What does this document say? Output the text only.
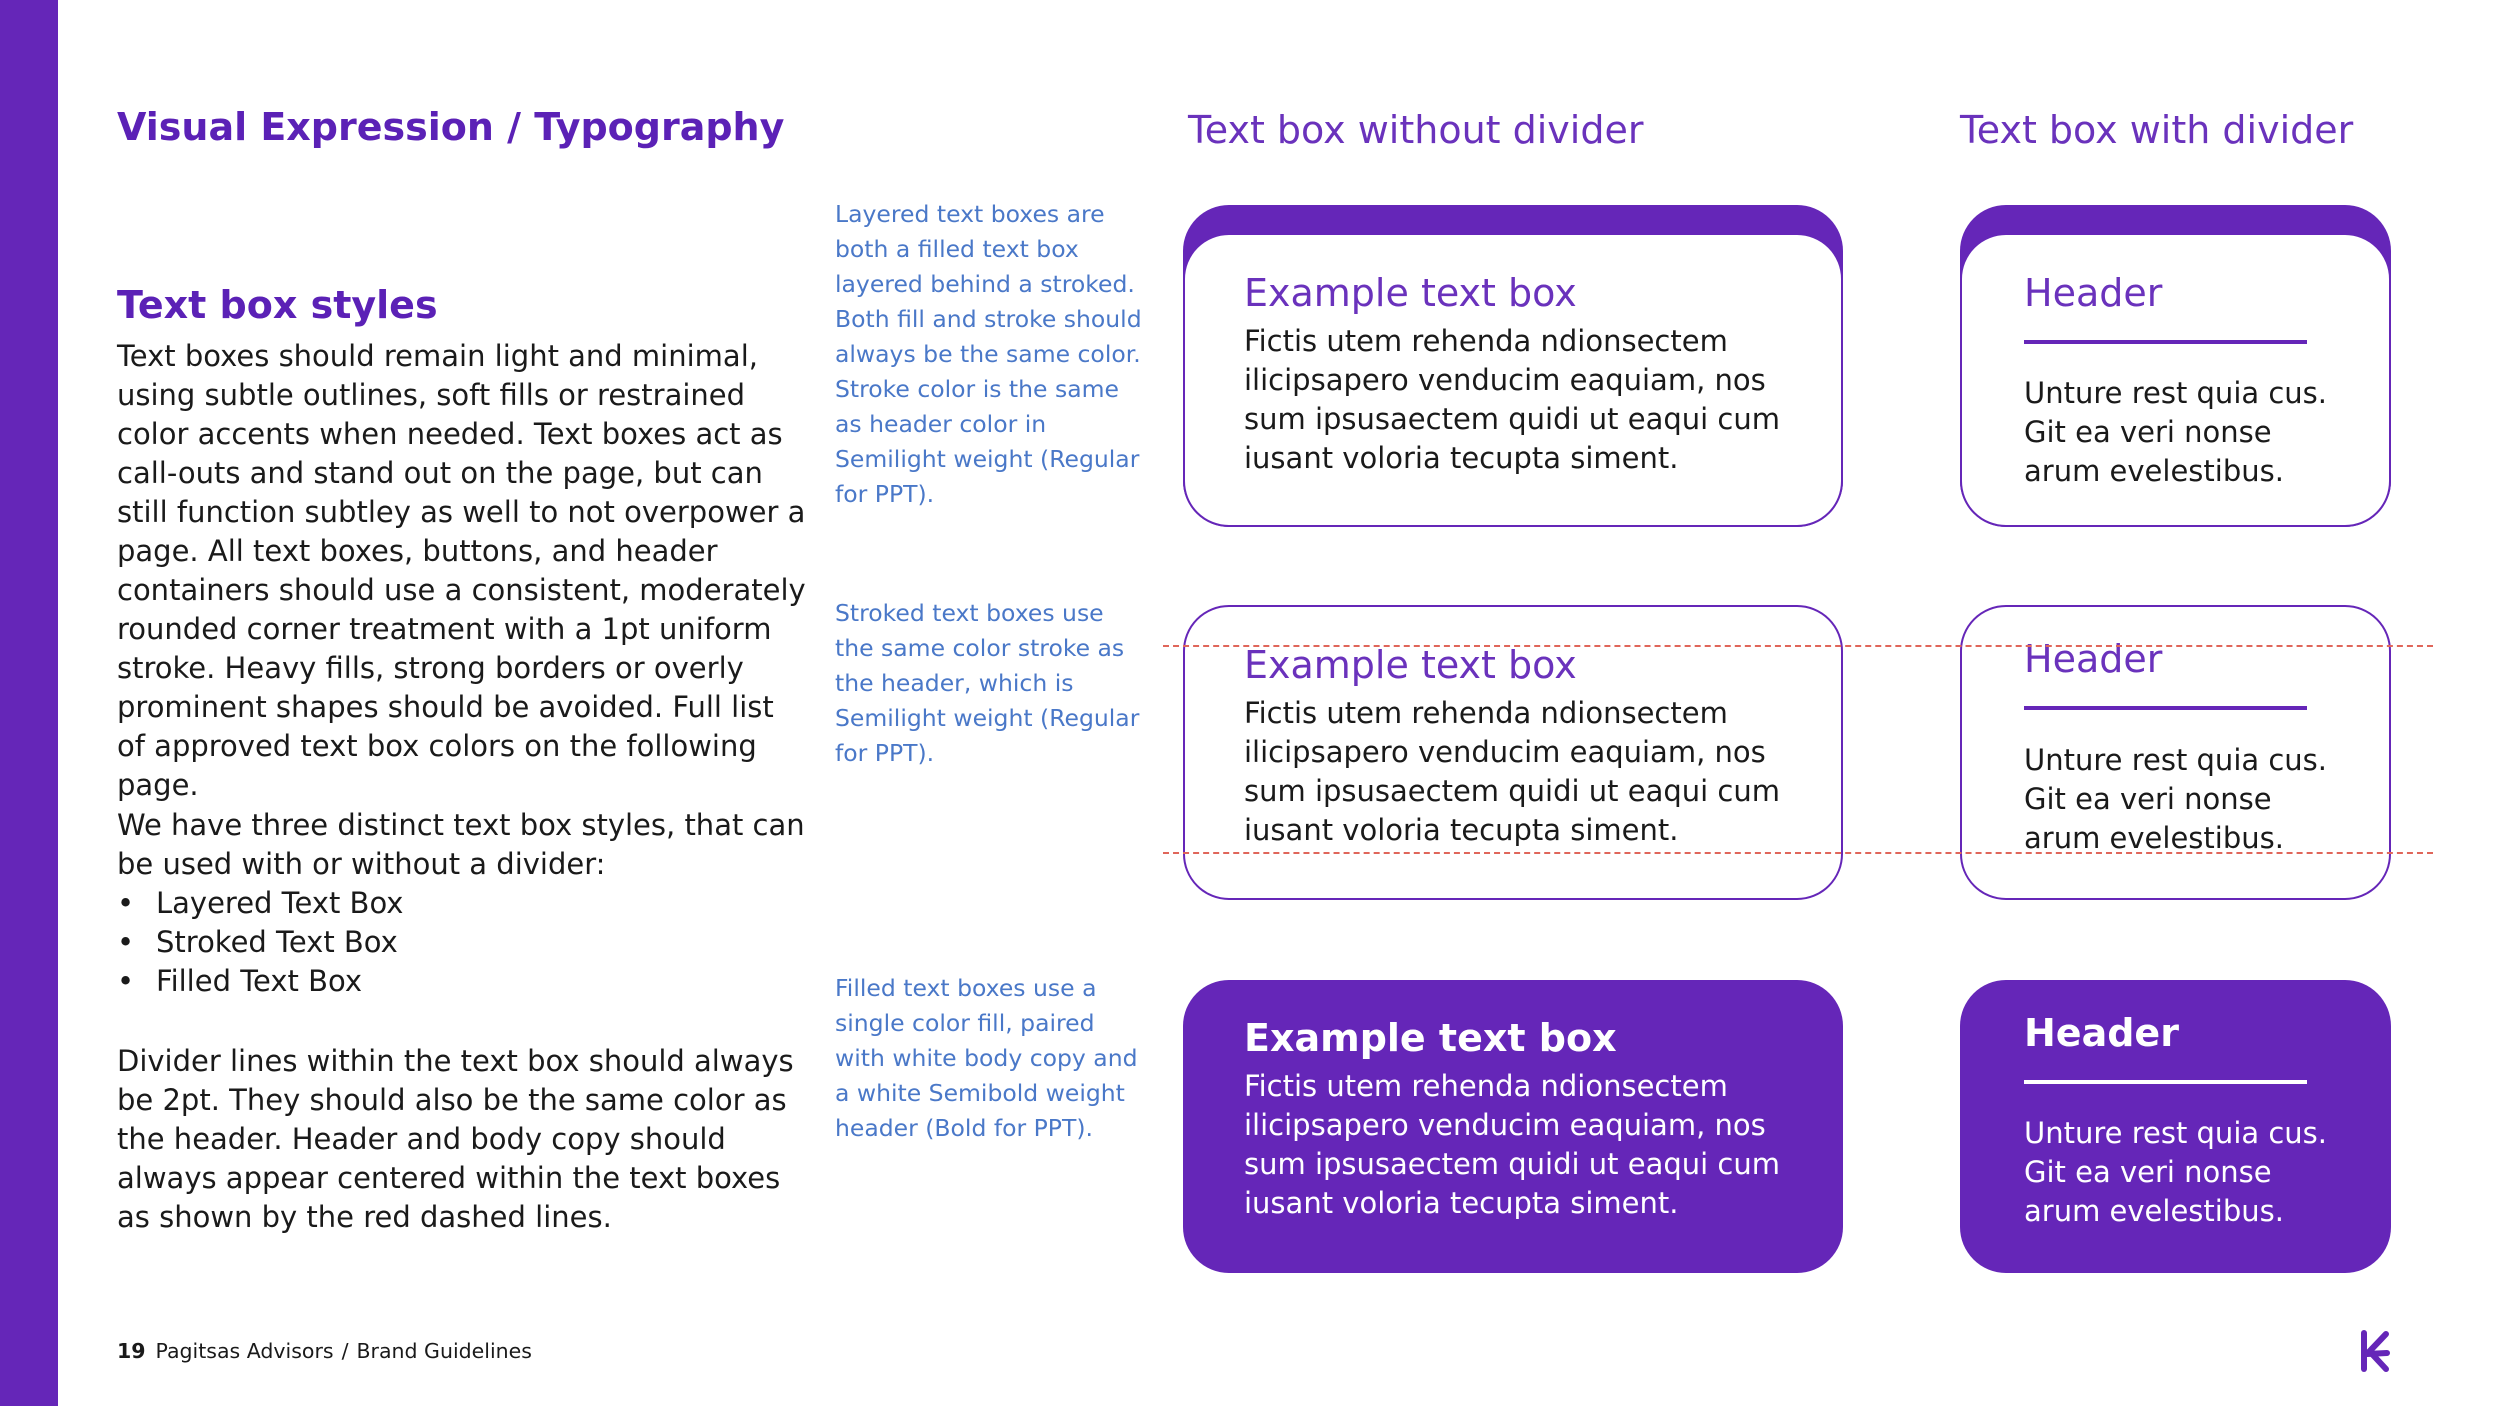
Visual Expression / Typography
Text box styles

Text boxes should remain light and minimal, using subtle outlines, soft fills or restrained color accents when needed. Text boxes act as call-outs and stand out on the page, but can still function subtley as well to not overpower a page. All text boxes, buttons, and header containers should use a consistent, moderately rounded corner treatment with a 1pt uniform stroke. Heavy fills, strong borders or overly prominent shapes should be avoided. Full list of approved text box colors on the following page.

We have three distinct text box styles, that can be used with or without a divider:

• Layered Text Box
• Stroked Text Box
• Filled Text Box

Divider lines within the text box should always be 2pt. They should also be the same color as the header. Header and body copy should always appear centered within the text boxes as shown by the red dashed lines.

Layered text boxes are both a filled text box layered behind a stroked. Both fill and stroke should always be the same color. Stroke color is the same as header color in Semilight weight (Regular for PPT).

Stroked text boxes use the same color stroke as the header, which is Semilight weight (Regular for PPT).

Filled text boxes use a single color fill, paired with white body copy and a white Semibold weight header (Bold for PPT).

Text box without divider	Text box with divider
Example text box

Fictis utem rehenda ndionsectem ilicipsapero venducim eaquiam, nos sum ipsusaectem quidi ut eaqui cum iusant voloria tecupta siment.

Header

Unture rest quia cus. Git ea veri nonse arum evelestibus.

Example text box

Fictis utem rehenda ndionsectem ilicipsapero venducim eaquiam, nos sum ipsusaectem quidi ut eaqui cum iusant voloria tecupta siment.

Header

Unture rest quia cus. Git ea veri nonse arum evelestibus.

Example text box

Fictis utem rehenda ndionsectem ilicipsapero venducim eaquiam, nos sum ipsusaectem quidi ut eaqui cum iusant voloria tecupta siment.

Header

Unture rest quia cus. Git ea veri nonse arum evelestibus.

19 Pagitsas Advisors / Brand Guidelines
